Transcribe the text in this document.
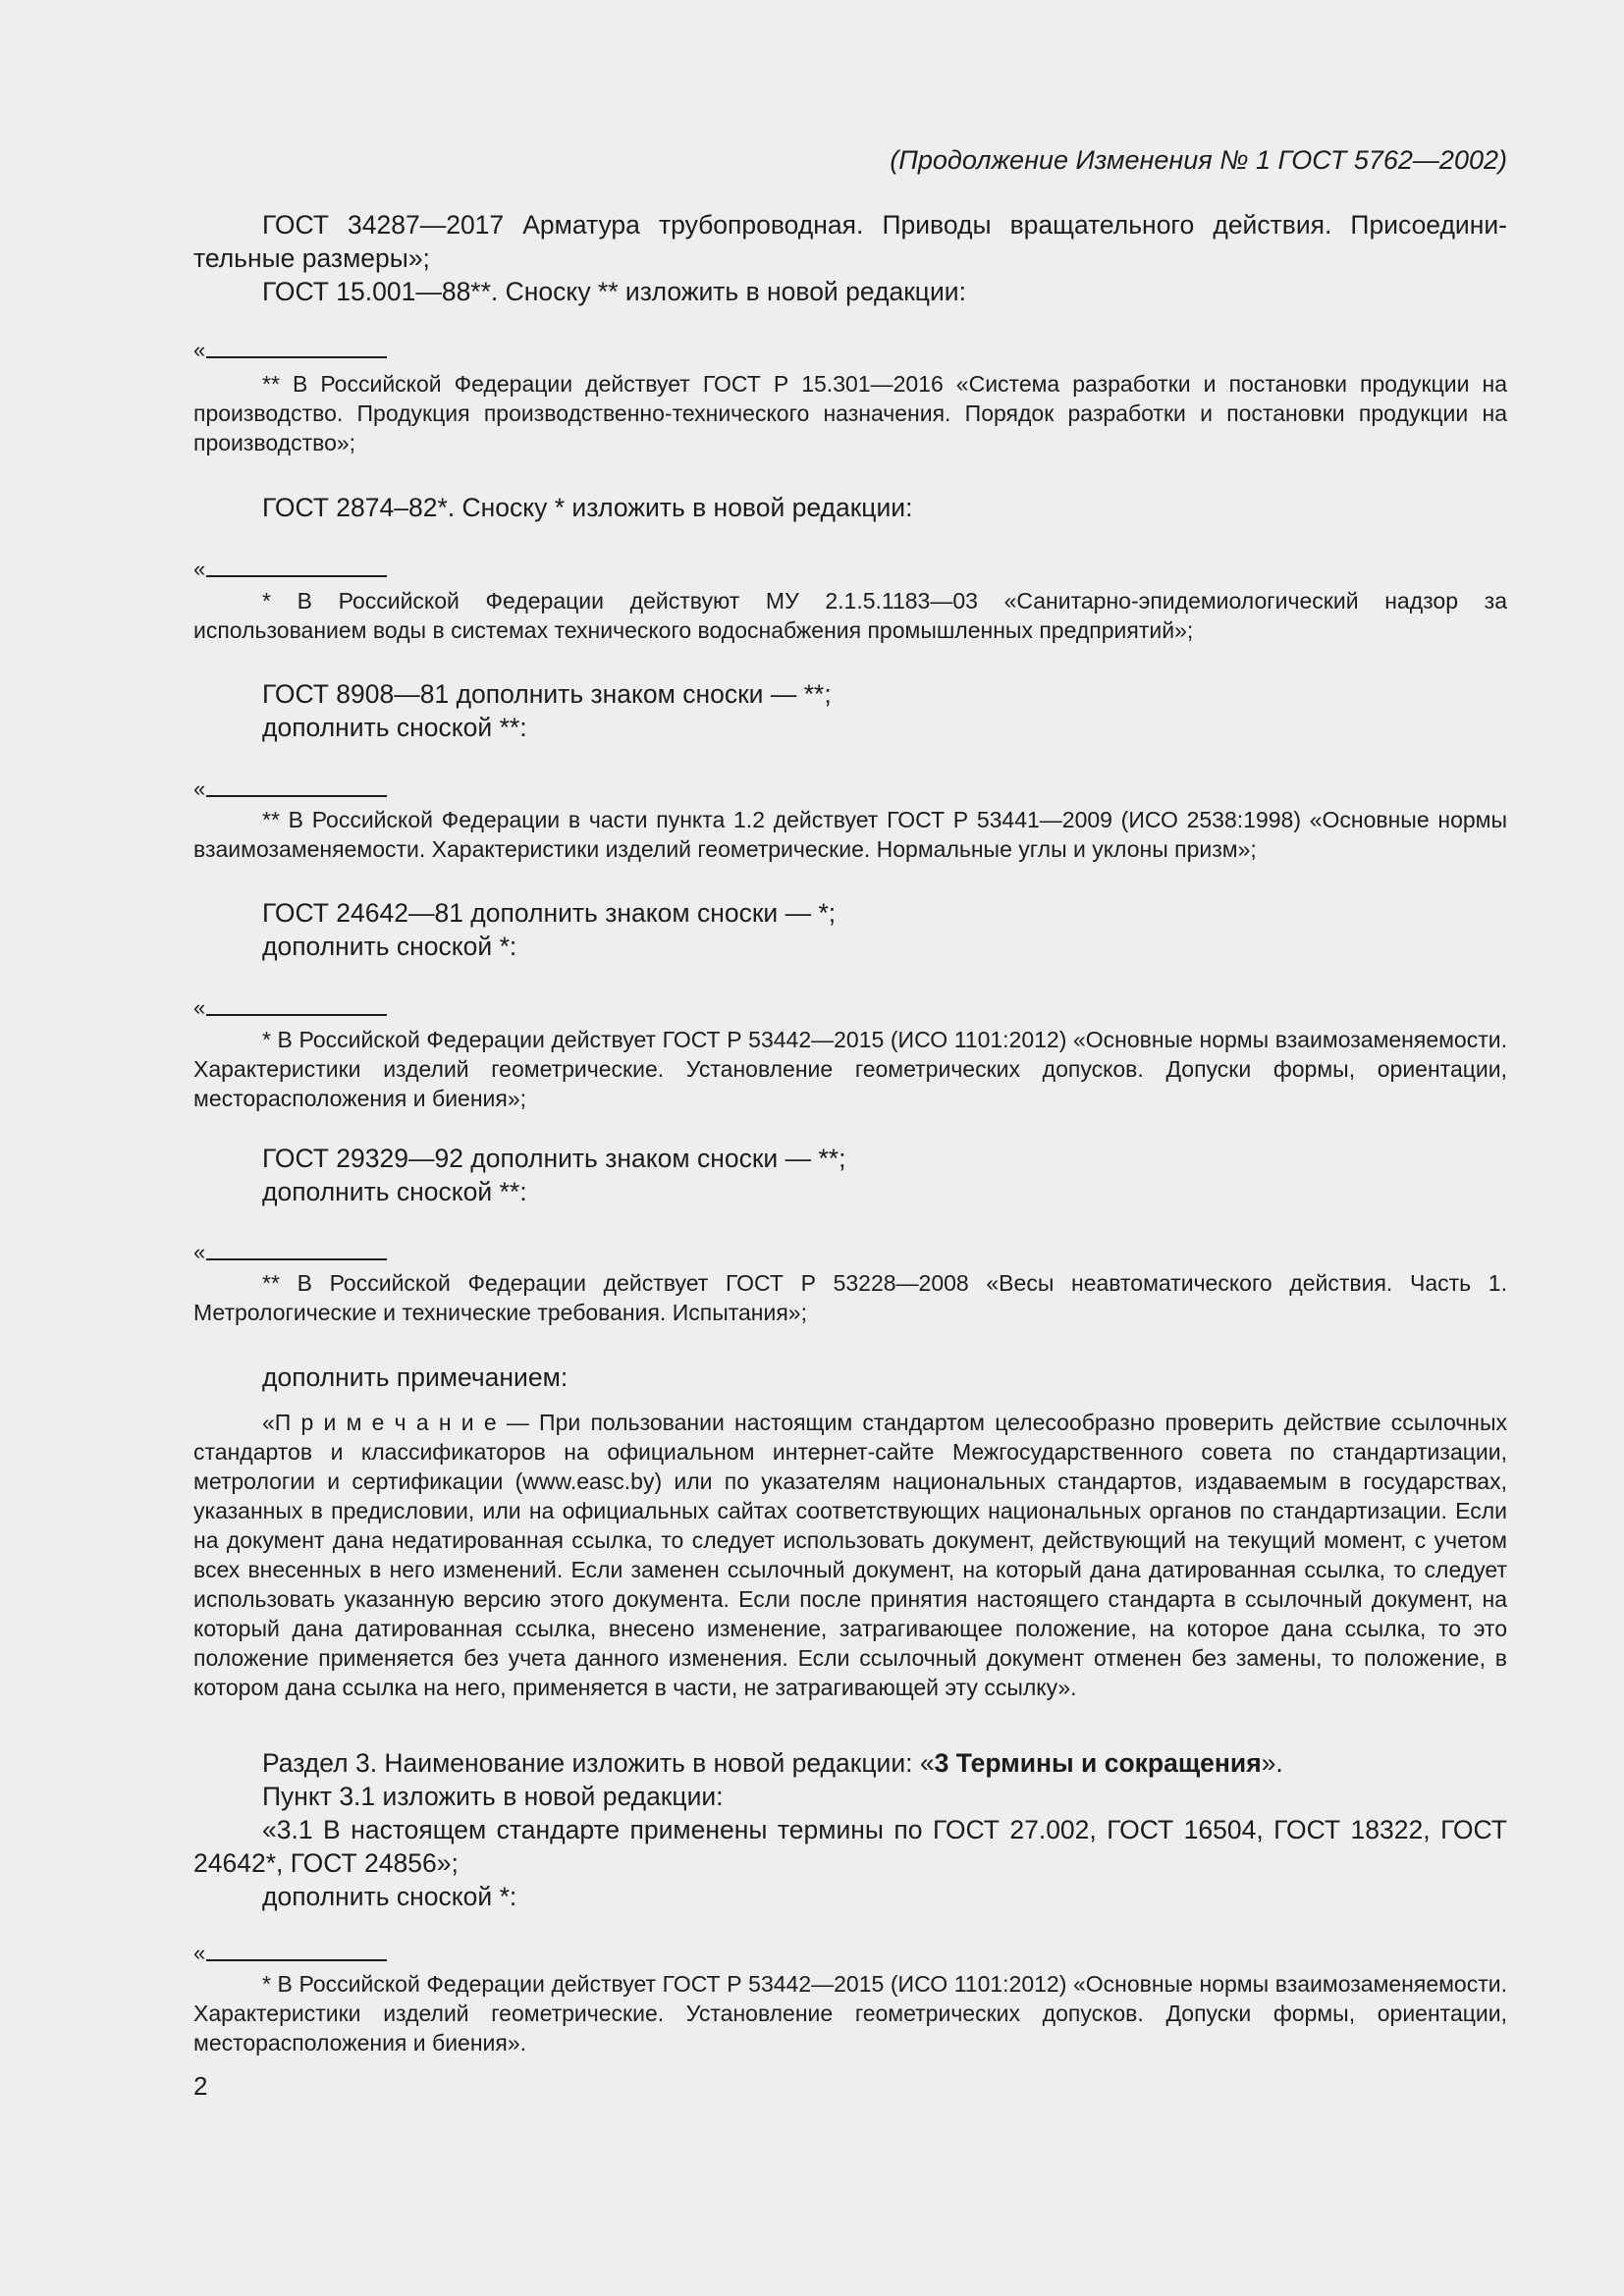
(Продолжение Изменения № 1 ГОСТ 5762—2002)

ГОСТ 34287—2017 Арматура трубопроводная. Приводы вращательного действия. Присоедини-тельные размеры»;

ГОСТ 15.001—88**. Сноску ** изложить в новой редакции:

«

** В Российской Федерации действует ГОСТ Р 15.301—2016 «Система разработки и постановки продукции на производство. Продукция производственно-технического назначения. Порядок разработки и постановки продукции на производство»;

ГОСТ 2874–82*. Сноску * изложить в новой редакции:

«

* В Российской Федерации действуют МУ 2.1.5.1183—03 «Санитарно-эпидемиологический надзор за использованием воды в системах технического водоснабжения промышленных предприятий»;

ГОСТ 8908—81 дополнить знаком сноски — **;

дополнить сноской **:

«

** В Российской Федерации в части пункта 1.2 действует ГОСТ Р 53441—2009 (ИСО 2538:1998) «Основные нормы взаимозаменяемости. Характеристики изделий геометрические. Нормальные углы и уклоны призм»;

ГОСТ 24642—81 дополнить знаком сноски — *;

дополнить сноской *:

«

* В Российской Федерации действует ГОСТ Р 53442—2015 (ИСО 1101:2012) «Основные нормы взаимозаменяемости. Характеристики изделий геометрические. Установление геометрических допусков. Допуски формы, ориентации, месторасположения и биения»;

ГОСТ 29329—92 дополнить знаком сноски — **;

дополнить сноской **:

«

** В Российской Федерации действует ГОСТ Р 53228—2008 «Весы неавтоматического действия. Часть 1. Метрологические и технические требования. Испытания»;

дополнить примечанием:

«П р и м е ч а н и е — При пользовании настоящим стандартом целесообразно проверить действие ссылочных стандартов и классификаторов на официальном интернет-сайте Межгосударственного совета по стандартизации, метрологии и сертификации (www.easc.by) или по указателям национальных стандартов, издаваемым в государствах, указанных в предисловии, или на официальных сайтах соответствующих национальных органов по стандартизации. Если на документ дана недатированная ссылка, то следует использовать документ, действующий на текущий момент, с учетом всех внесенных в него изменений. Если заменен ссылочный документ, на который дана датированная ссылка, то следует использовать указанную версию этого документа. Если после принятия настоящего стандарта в ссылочный документ, на который дана датированная ссылка, внесено изменение, затрагивающее положение, на которое дана ссылка, то это положение применяется без учета данного изменения. Если ссылочный документ отменен без замены, то положение, в котором дана ссылка на него, применяется в части, не затрагивающей эту ссылку».

Раздел 3. Наименование изложить в новой редакции: «3 Термины и сокращения».

Пункт 3.1 изложить в новой редакции:

«3.1 В настоящем стандарте применены термины по ГОСТ 27.002, ГОСТ 16504, ГОСТ 18322, ГОСТ 24642*, ГОСТ 24856»;

дополнить сноской *:

«

* В Российской Федерации действует ГОСТ Р 53442—2015 (ИСО 1101:2012) «Основные нормы взаимозаменяемости. Характеристики изделий геометрические. Установление геометрических допусков. Допуски формы, ориентации, месторасположения и биения».

2
